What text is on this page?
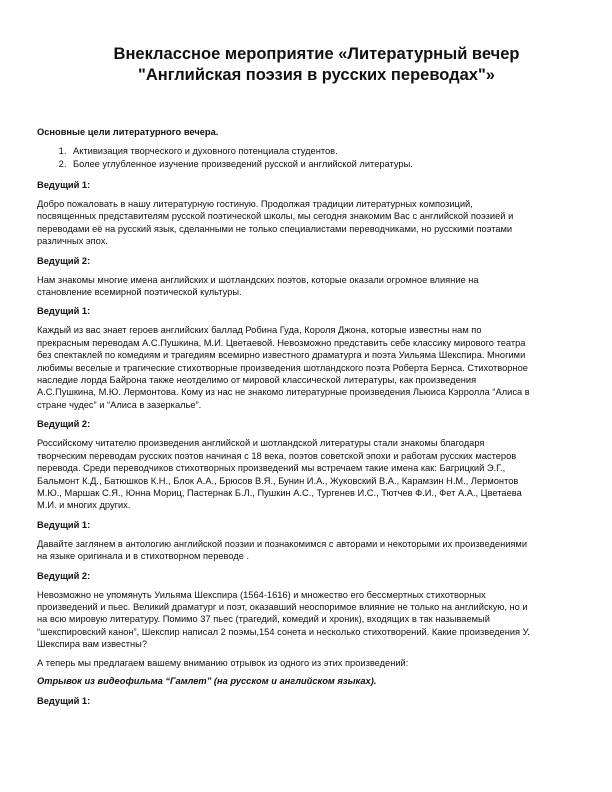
Внеклассное мероприятие «Литературный вечер
"Английская поэзия в русских переводах"»
Основные цели литературного вечера.
1. Активизация творческого и духовного потенциала студентов.
2. Более углубленное изучение произведений русской и английской литературы.
Ведущий 1:
Добро пожаловать в нашу литературную гостиную. Продолжая традиции литературных композиций,
посвященных представителям русской поэтической школы, мы сегодня знакомим Вас с английской поэзией и
переводами её на русский язык, сделанными не только специалистами переводчиками, но русскими поэтами
различных эпох.
Ведущий 2:
Нам знакомы многие имена английских и шотландских поэтов, которые оказали огромное влияние на
становление всемирной поэтической культуры.
Ведущий 1:
Каждый из вас знает героев английских баллад Робина Гуда, Короля Джона, которые известны нам по
прекрасным переводам А.С.Пушкина, М.И. Цветаевой. Невозможно представить себе классику мирового театра
без спектаклей по комедиям и трагедиям всемирно известного драматурга и поэта Уильяма Шекспира. Многими
любимы веселые и трагические стихотворные произведения шотландского поэта Роберта Бернса. Стихотворное
наследие лорда Байрона также неотделимо от мировой классической литературы, как произведения
А.С.Пушкина, М.Ю. Лермонтова. Кому из нас не знакомо литературные произведения Льюиса Кэрролла “Алиса в
стране чудес” и “Алиса в зазеркалье”.
Ведущий 2:
Российскому читателю произведения английской и шотландской литературы стали знакомы благодаря
творческим переводам русских поэтов начиная с 18 века, поэтов советской эпохи и работам русских мастеров
перевода. Среди переводчиков стихотворных произведений мы встречаем такие имена как: Багрицкий Э.Г.,
Бальмонт К.Д., Батюшков К.Н., Блок А.А., Брюсов В.Я., Бунин И.А., Жуковский В.А., Карамзин Н.М., Лермонтов
М.Ю., Маршак С.Я., Юнна Мориц, Пастернак Б.Л., Пушкин А.С., Тургенев И.С., Тютчев Ф.И., Фет А.А., Цветаева
М.И. и многих других.
Ведущий 1:
Давайте заглянем в антологию английской поэзии и познакомимся с авторами и некоторыми их произведениями
на языке оригинала и в стихотворном переводе .
Ведущий 2:
Невозможно не упомянуть Уильяма Шекспира (1564-1616) и множество его бессмертных стихотворных
произведений и пьес. Великий драматург и поэт, оказавший неоспоримое влияние не только на английскую, но и
на всю мировую литературу. Помимо 37 пьес (трагедий, комедий и хроник), входящих в так называемый
“шекспировский канон”, Шекспир написал 2 поэмы,154 сонета и несколько стихотворений. Какие произведения У.
Шекспира вам известны?
А теперь мы предлагаем вашему вниманию отрывок из одного из этих произведений:
Отрывок из видеофильма “Гамлет” (на русском и английском языках).
Ведущий 1:
